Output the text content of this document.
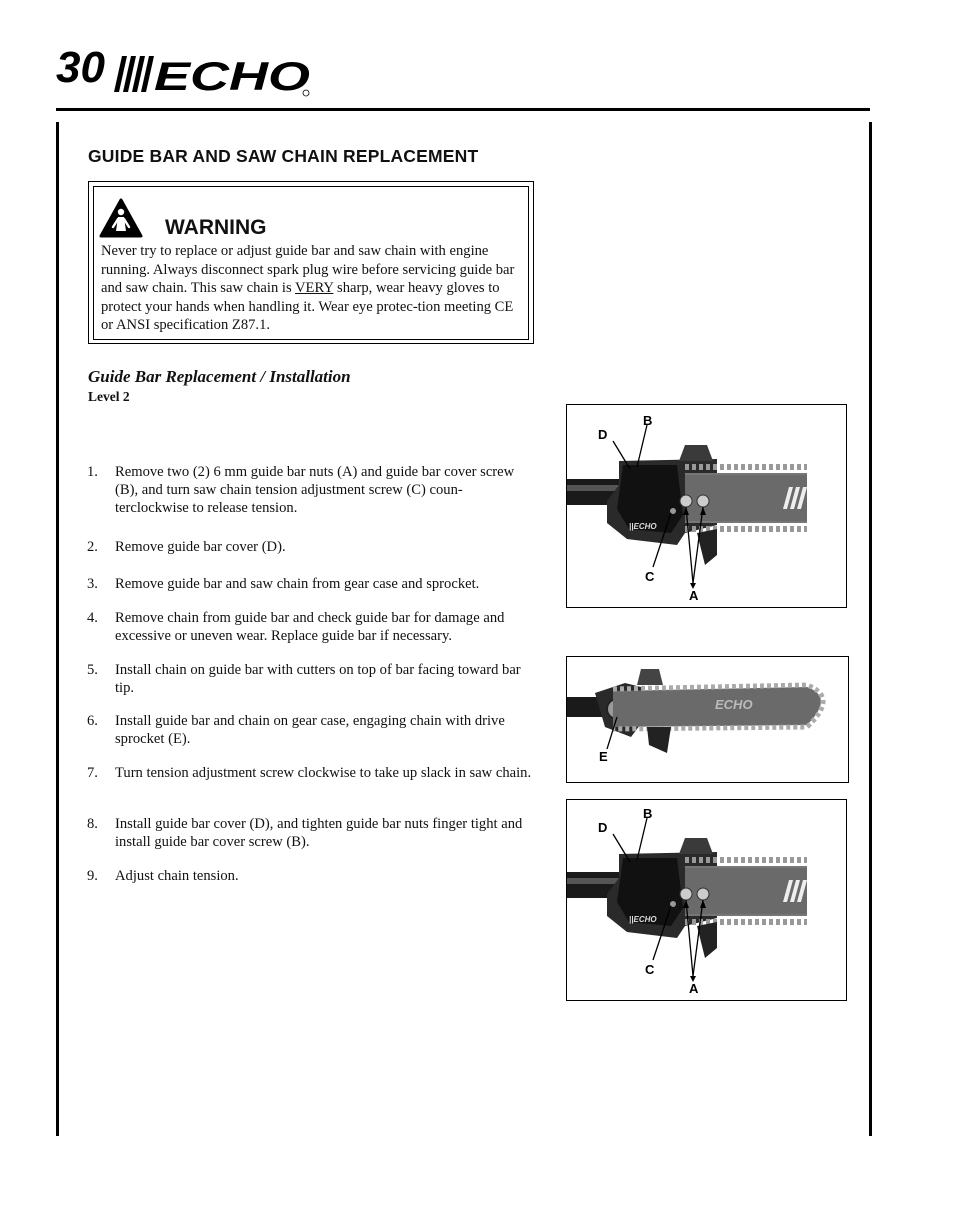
30 ECHO
GUIDE BAR AND SAW CHAIN REPLACEMENT
WARNING
Never try to replace or adjust guide bar and saw chain with engine running. Always disconnect spark plug wire before servicing guide bar and saw chain. This saw chain is VERY sharp, wear heavy gloves to protect your hands when handling it. Wear eye protec-tion meeting CE or ANSI specification Z87.1.
Guide Bar Replacement / Installation
Level 2
1. Remove two (2) 6 mm guide bar nuts (A) and guide bar cover screw (B), and turn saw chain tension adjustment screw (C) coun-terclockwise to release tension.
2. Remove guide bar cover (D).
3. Remove guide bar and saw chain from gear case and sprocket.
4. Remove chain from guide bar and check guide bar for damage and excessive or uneven wear. Replace guide bar if necessary.
5. Install chain on guide bar with cutters on top of bar facing toward bar tip.
6. Install guide bar and chain on gear case, engaging chain with drive sprocket (E).
7. Turn tension adjustment screw clockwise to take up slack in saw chain.
8. Install guide bar cover (D), and tighten guide bar nuts finger tight and install guide bar cover screw (B).
9. Adjust chain tension.
||ECHO
D
B
C
A
ECHO
E
||ECHO
D
B
C
A
